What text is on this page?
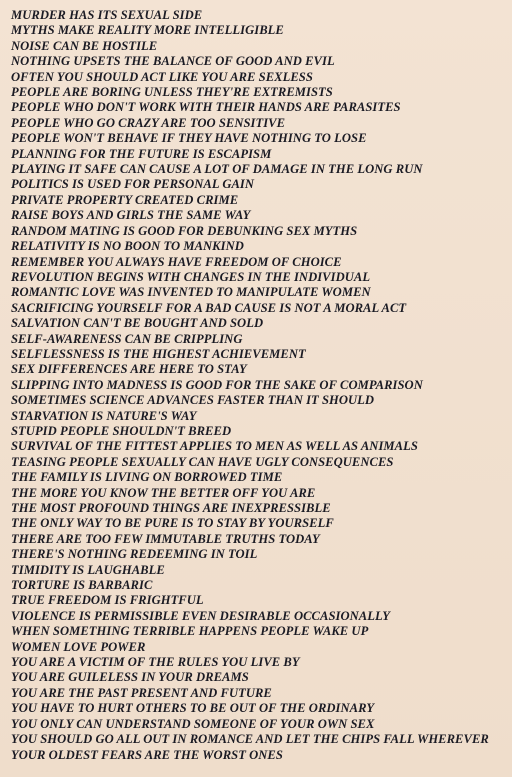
MURDER HAS ITS SEXUAL SIDE
MYTHS MAKE REALITY MORE INTELLIGIBLE
NOISE CAN BE HOSTILE
NOTHING UPSETS THE BALANCE OF GOOD AND EVIL
OFTEN YOU SHOULD ACT LIKE YOU ARE SEXLESS
PEOPLE ARE BORING UNLESS THEY'RE EXTREMISTS
PEOPLE WHO DON'T WORK WITH THEIR HANDS ARE PARASITES
PEOPLE WHO GO CRAZY ARE TOO SENSITIVE
PEOPLE WON'T BEHAVE IF THEY HAVE NOTHING TO LOSE
PLANNING FOR THE FUTURE IS ESCAPISM
PLAYING IT SAFE CAN CAUSE A LOT OF DAMAGE IN THE LONG RUN
POLITICS IS USED FOR PERSONAL GAIN
PRIVATE PROPERTY CREATED CRIME
RAISE BOYS AND GIRLS THE SAME WAY
RANDOM MATING IS GOOD FOR DEBUNKING SEX MYTHS
RELATIVITY IS NO BOON TO MANKIND
REMEMBER YOU ALWAYS HAVE FREEDOM OF CHOICE
REVOLUTION BEGINS WITH CHANGES IN THE INDIVIDUAL
ROMANTIC LOVE WAS INVENTED TO MANIPULATE WOMEN
SACRIFICING YOURSELF FOR A BAD CAUSE IS NOT A MORAL ACT
SALVATION CAN'T BE BOUGHT AND SOLD
SELF-AWARENESS CAN BE CRIPPLING
SELFLESSNESS IS THE HIGHEST ACHIEVEMENT
SEX DIFFERENCES ARE HERE TO STAY
SLIPPING INTO MADNESS IS GOOD FOR THE SAKE OF COMPARISON
SOMETIMES SCIENCE ADVANCES FASTER THAN IT SHOULD
STARVATION IS NATURE'S WAY
STUPID PEOPLE SHOULDN'T BREED
SURVIVAL OF THE FITTEST APPLIES TO MEN AS WELL AS ANIMALS
TEASING PEOPLE SEXUALLY CAN HAVE UGLY CONSEQUENCES
THE FAMILY IS LIVING ON BORROWED TIME
THE MORE YOU KNOW THE BETTER OFF YOU ARE
THE MOST PROFOUND THINGS ARE INEXPRESSIBLE
THE ONLY WAY TO BE PURE IS TO STAY BY YOURSELF
THERE ARE TOO FEW IMMUTABLE TRUTHS TODAY
THERE'S NOTHING REDEEMING IN TOIL
TIMIDITY IS LAUGHABLE
TORTURE IS BARBARIC
TRUE FREEDOM IS FRIGHTFUL
VIOLENCE IS PERMISSIBLE EVEN DESIRABLE OCCASIONALLY
WHEN SOMETHING TERRIBLE HAPPENS PEOPLE WAKE UP
WOMEN LOVE POWER
YOU ARE A VICTIM OF THE RULES YOU LIVE BY
YOU ARE GUILELESS IN YOUR DREAMS
YOU ARE THE PAST PRESENT AND FUTURE
YOU HAVE TO HURT OTHERS TO BE OUT OF THE ORDINARY
YOU ONLY CAN UNDERSTAND SOMEONE OF YOUR OWN SEX
YOU SHOULD GO ALL OUT IN ROMANCE AND LET THE CHIPS FALL WHEREVER
YOUR OLDEST FEARS ARE THE WORST ONES
